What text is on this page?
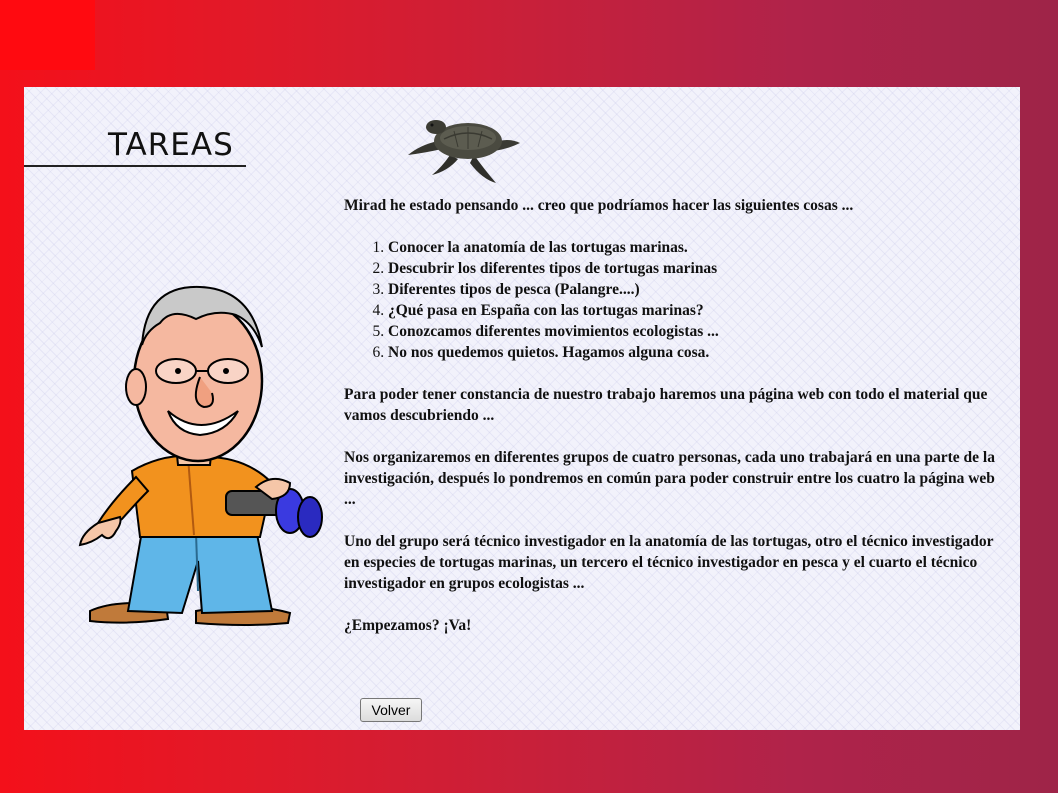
TAREAS

Mirad he estado pensando ... creo que podríamos hacer las siguientes cosas ...

1. Conocer la anatomía de las tortugas marinas.
2. Descubrir los diferentes tipos de tortugas marinas
3. Diferentes tipos de pesca (Palangre....)
4. ¿Qué pasa en España con las tortugas marinas?
5. Conozcamos diferentes movimientos ecologistas ...
6. No nos quedemos quietos. Hagamos alguna cosa.

Para poder tener constancia de nuestro trabajo haremos una página web con todo el material que vamos descubriendo ...

Nos organizaremos en diferentes grupos de cuatro personas, cada uno trabajará en una parte de la investigación, después lo pondremos en común para poder construir entre los cuatro la página web ...

Uno del grupo será técnico investigador en la anatomía de las tortugas, otro el técnico investigador en especies de tortugas marinas, un tercero el técnico investigador en pesca y el cuarto el técnico investigador en grupos ecologistas ...

¿Empezamos? ¡Va!

Volver
